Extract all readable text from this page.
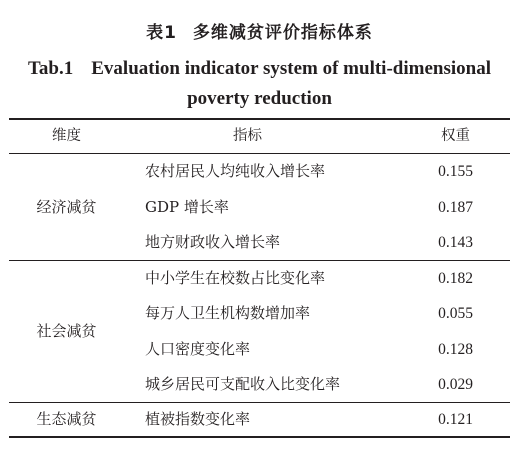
表1 多维减贫评价指标体系
Tab.1 Evaluation indicator system of multi-dimensional
poverty reduction
维度	指标	权重
经济减贫
农村居民人均纯收入增长率	0.155
GDP 增长率	0.187
地方财政收入增长率	0.143
社会减贫
中小学生在校数占比变化率	0.182
每万人卫生机构数增加率	0.055
人口密度变化率	0.128
城乡居民可支配收入比变化率	0.029
生态减贫	植被指数变化率	0.121
